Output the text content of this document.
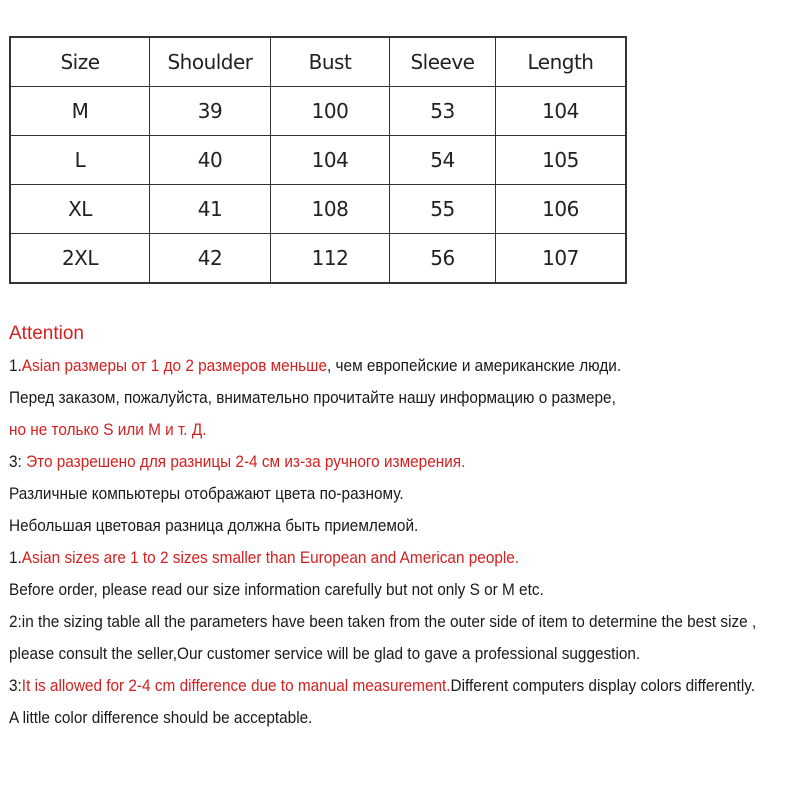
Size	Shoulder	Bust	Sleeve	Length
M	39	100	53	104
L	40	104	54	105
XL	41	108	55	106
2XL	42	112	56	107
Attention
1.Asian размеры от 1 до 2 размеров меньше, чем европейские и американские люди.
Перед заказом, пожалуйста, внимательно прочитайте нашу информацию о размере,
но не только S или M и т. Д.
3: Это разрешено для разницы 2-4 см из-за ручного измерения.
Различные компьютеры отображают цвета по-разному.
Небольшая цветовая разница должна быть приемлемой.
1.Asian sizes are 1 to 2 sizes smaller than European and American people.
Before order, please read our size information carefully but not only S or M etc.
2:in the sizing table all the parameters have been taken from the outer side of item to determine the best size ,
please consult the seller,Our customer service will be glad to gave a professional suggestion.
3:It is allowed for 2-4 cm difference due to manual measurement.Different computers display colors differently.
A little color difference should be acceptable.
